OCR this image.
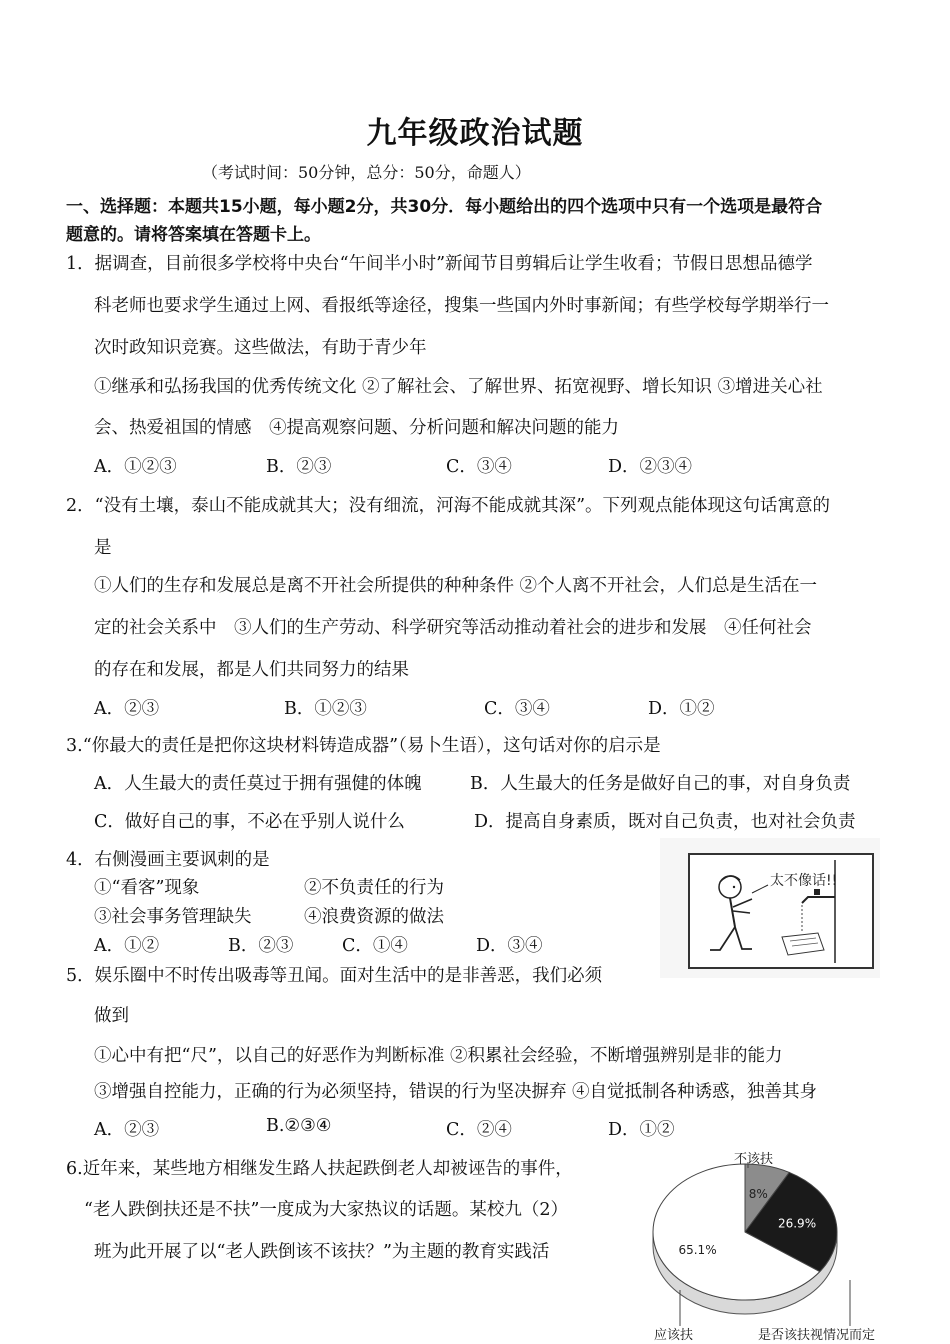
九年级政治试题
（考试时间：50分钟，总分：50分，命题人）
一、选择题：本题共15小题，每小题2分，共30分．每小题给出的四个选项中只有一个选项是最符合
题意的。请将答案填在答题卡上。
1．据调查，目前很多学校将中央台“午间半小时”新闻节目剪辑后让学生收看；节假日思想品德学
科老师也要求学生通过上网、看报纸等途径，搜集一些国内外时事新闻；有些学校每学期举行一
次时政知识竞赛。这些做法，有助于青少年
①继承和弘扬我国的优秀传统文化 ②了解社会、了解世界、拓宽视野、增长知识 ③增进关心社
会、热爱祖国的情感　④提高观察问题、分析问题和解决问题的能力
A．①②③	B．②③	C．③④	D．②③④
2．“没有土壤，泰山不能成就其大；没有细流，河海不能成就其深”。下列观点能体现这句话寓意的
是
①人们的生存和发展总是离不开社会所提供的种种条件 ②个人离不开社会，人们总是生活在一
定的社会关系中　③人们的生产劳动、科学研究等活动推动着社会的进步和发展　④任何社会
的存在和发展，都是人们共同努力的结果
A．②③	B．①②③	C．③④	D．①②
3.“你最大的责任是把你这块材料铸造成器”（易卜生语），这句话对你的启示是
A．人生最大的责任莫过于拥有强健的体魄	B．人生最大的任务是做好自己的事，对自身负责
C．做好自己的事，不必在乎别人说什么	D．提高自身素质，既对自己负责，也对社会负责
4．右侧漫画主要讽刺的是
①“看客”现象	②不负责任的行为
③社会事务管理缺失	④浪费资源的做法
A．①②	B．②③	C．①④	D．③④
太不像话!!
5．娱乐圈中不时传出吸毒等丑闻。面对生活中的是非善恶，我们必须
做到
①心中有把“尺”，以自己的好恶作为判断标准 ②积累社会经验，不断增强辨别是非的能力
③增强自控能力，正确的行为必须坚持，错误的行为坚决摒弃 ④自觉抵制各种诱惑，独善其身
A．②③	B.②③④	C．②④	D．①②
6.近年来，某些地方相继发生路人扶起跌倒老人却被诬告的事件，
“老人跌倒扶还是不扶”一度成为大家热议的话题。某校九（2）
班为此开展了以“老人跌倒该不该扶？”为主题的教育实践活
8%
26.9%
65.1%
不该扶
应该扶	是否该扶视情况而定
